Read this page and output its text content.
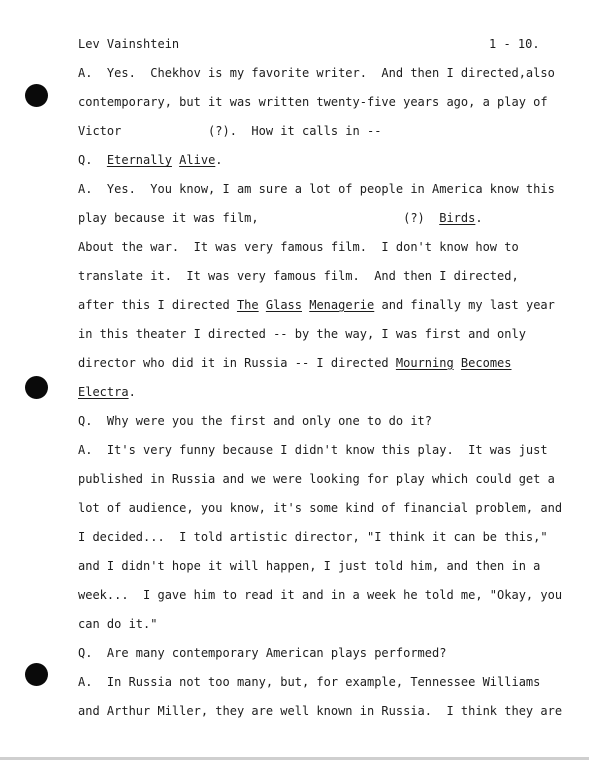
Lev Vainshtein	1 - 10.
A.  Yes.  Chekhov is my favorite writer.  And then I directed,also
contemporary, but it was written twenty-five years ago, a play of
Victor            (?).  How it calls in --
Q.  Eternally Alive.
A.  Yes.  You know, I am sure a lot of people in America know this
play because it was film,                    (?)  Birds.
About the war.  It was very famous film.  I don't know how to
translate it.  It was very famous film.  And then I directed,
after this I directed The Glass Menagerie and finally my last year
in this theater I directed -- by the way, I was first and only
director who did it in Russia -- I directed Mourning Becomes
Electra.
Q.  Why were you the first and only one to do it?
A.  It's very funny because I didn't know this play.  It was just
published in Russia and we were looking for play which could get a
lot of audience, you know, it's some kind of financial problem, and
I decided...  I told artistic director, "I think it can be this,"
and I didn't hope it will happen, I just told him, and then in a
week...  I gave him to read it and in a week he told me, "Okay, you
can do it."
Q.  Are many contemporary American plays performed?
A.  In Russia not too many, but, for example, Tennessee Williams
and Arthur Miller, they are well known in Russia.  I think they are
